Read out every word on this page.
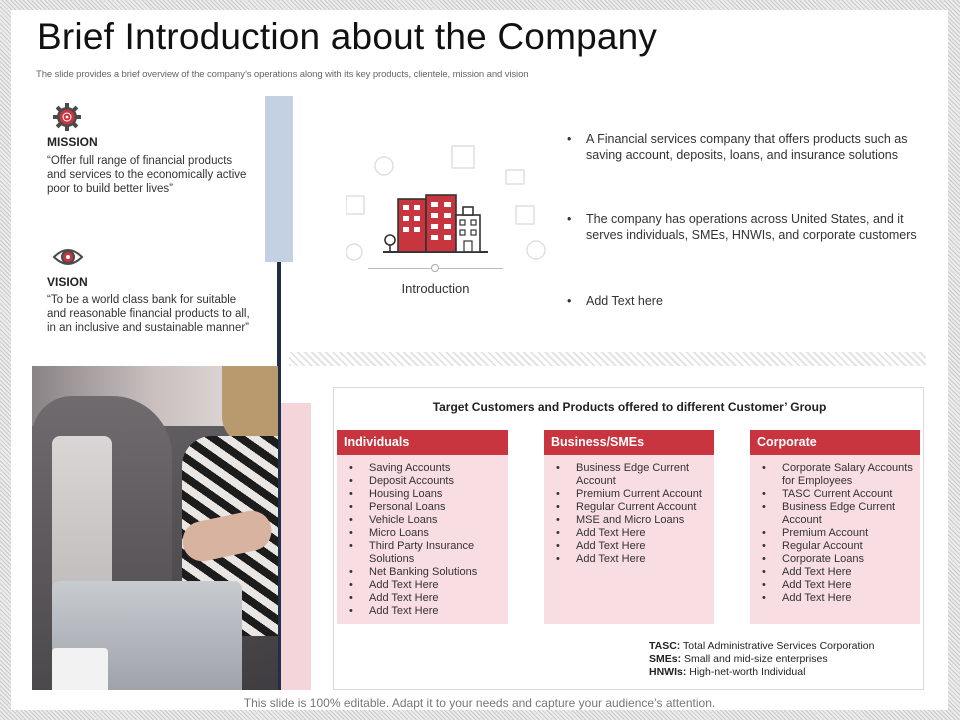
Brief Introduction about the Company
The slide provides a brief overview of the company’s operations along with its key products, clientele, mission and vision
MISSION
“Offer full range of financial products and services to the economically active poor to build better lives”
VISION
“To be a world class bank for suitable and reasonable financial products to all, in an inclusive and sustainable manner”
Introduction
•	A Financial services company that offers products such as saving account, deposits, loans, and insurance solutions
•	The company has operations across United States, and it serves individuals, SMEs, HNWIs, and corporate customers
•	Add Text here
Target Customers and Products offered to different Customer’ Group
Individuals
• Saving Accounts
• Deposit Accounts
• Housing Loans
• Personal Loans
• Vehicle Loans
• Micro Loans
• Third Party Insurance Solutions
• Net Banking Solutions
• Add Text Here
• Add Text Here
• Add Text Here
Business/SMEs
• Business Edge Current Account
• Premium Current Account
• Regular Current Account
• MSE and Micro Loans
• Add Text Here
• Add Text Here
• Add Text Here
Corporate
• Corporate Salary Accounts for Employees
• TASC Current Account
• Business Edge Current Account
• Premium Account
• Regular Account
• Corporate Loans
• Add Text Here
• Add Text Here
• Add Text Here
TASC: Total Administrative Services Corporation
SMEs: Small and mid-size enterprises
HNWIs: High-net-worth Individual
This slide is 100% editable. Adapt it to your needs and capture your audience’s attention.
